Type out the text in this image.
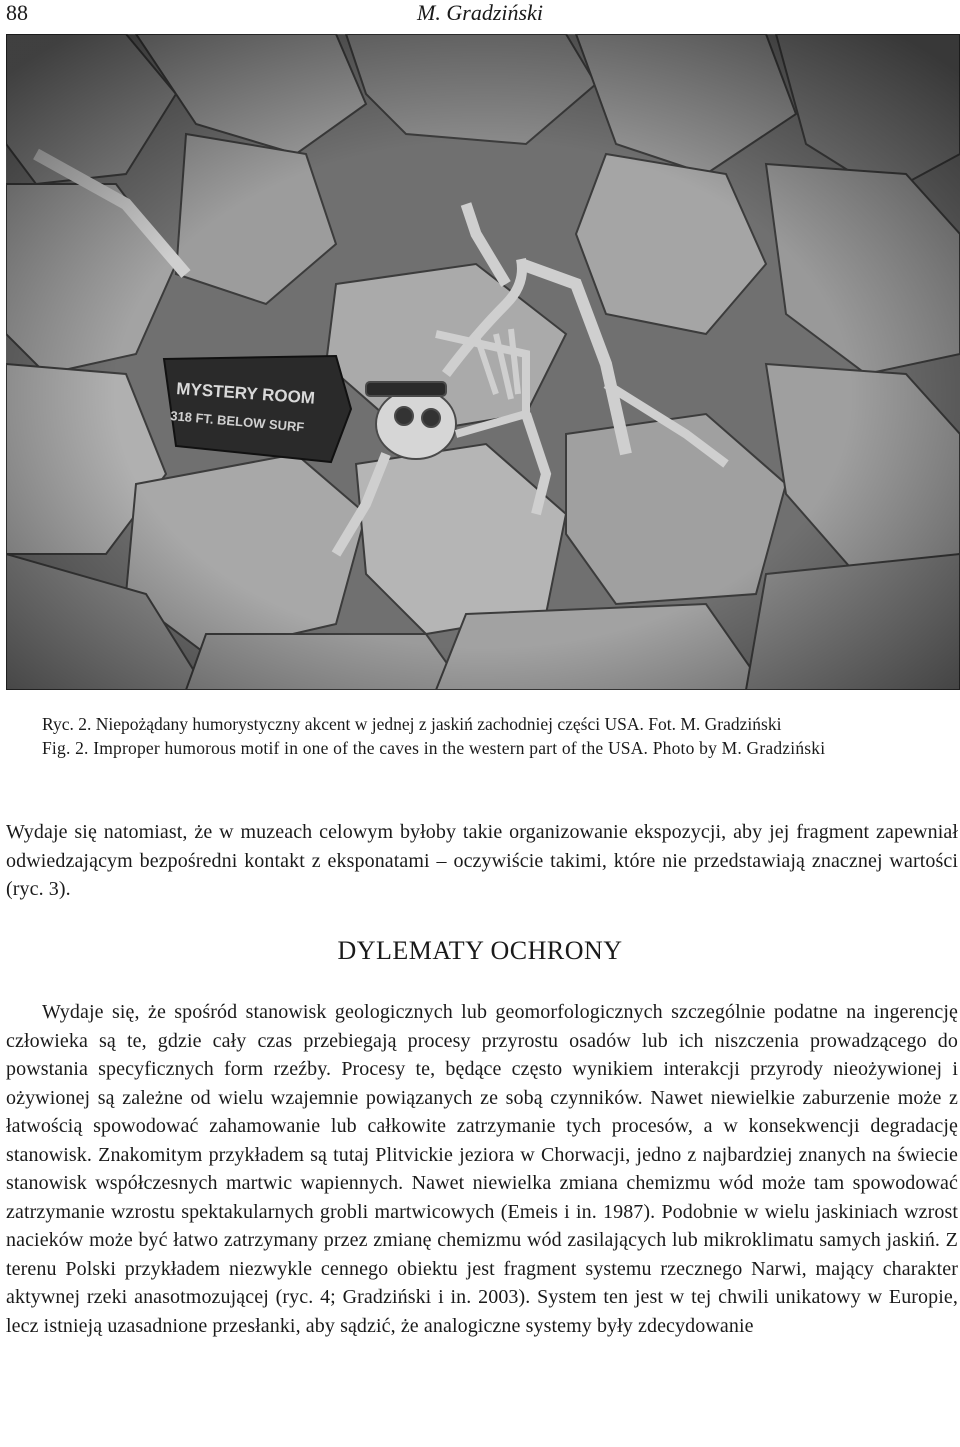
88	M. Gradziński
Ryc. 2. Niepożądany humorystyczny akcent w jednej z jaskiń zachodniej części USA. Fot. M. Gradziński
Fig. 2. Improper humorous motif in one of the caves in the western part of the USA. Photo by M. Gradziński
Wydaje się natomiast, że w muzeach celowym byłoby takie organizowanie ekspozycji, aby jej fragment zapewniał odwiedzającym bezpośredni kontakt z eksponatami – oczywiście takimi, które nie przedstawiają znacznej wartości (ryc. 3).
DYLEMATY OCHRONY
Wydaje się, że spośród stanowisk geologicznych lub geomorfologicznych szczególnie podatne na ingerencję człowieka są te, gdzie cały czas przebiegają procesy przyrostu osadów lub ich niszczenia prowadzącego do powstania specyficznych form rzeźby. Procesy te, będące często wynikiem interakcji przyrody nieożywionej i ożywionej są zależne od wielu wzajemnie powiązanych ze sobą czynników. Nawet niewielkie zaburzenie może z łatwością spowodować zahamowanie lub całkowite zatrzymanie tych procesów, a w konsekwencji degradację stanowisk. Znakomitym przykładem są tutaj Plitvickie jeziora w Chorwacji, jedno z najbardziej znanych na świecie stanowisk współczesnych martwic wapiennych. Nawet niewielka zmiana chemizmu wód może tam spowodować zatrzymanie wzrostu spektakularnych grobli martwicowych (Emeis i in. 1987). Podobnie w wielu jaskiniach wzrost nacieków może być łatwo zatrzymany przez zmianę chemizmu wód zasilających lub mikroklimatu samych jaskiń. Z terenu Polski przykładem niezwykle cennego obiektu jest fragment systemu rzecznego Narwi, mający charakter aktywnej rzeki anasotmozującej (ryc. 4; Gradziński i in. 2003). System ten jest w tej chwili unikatowy w Europie, lecz istnieją uzasadnione przesłanki, aby sądzić, że analogiczne systemy były zdecydowanie
